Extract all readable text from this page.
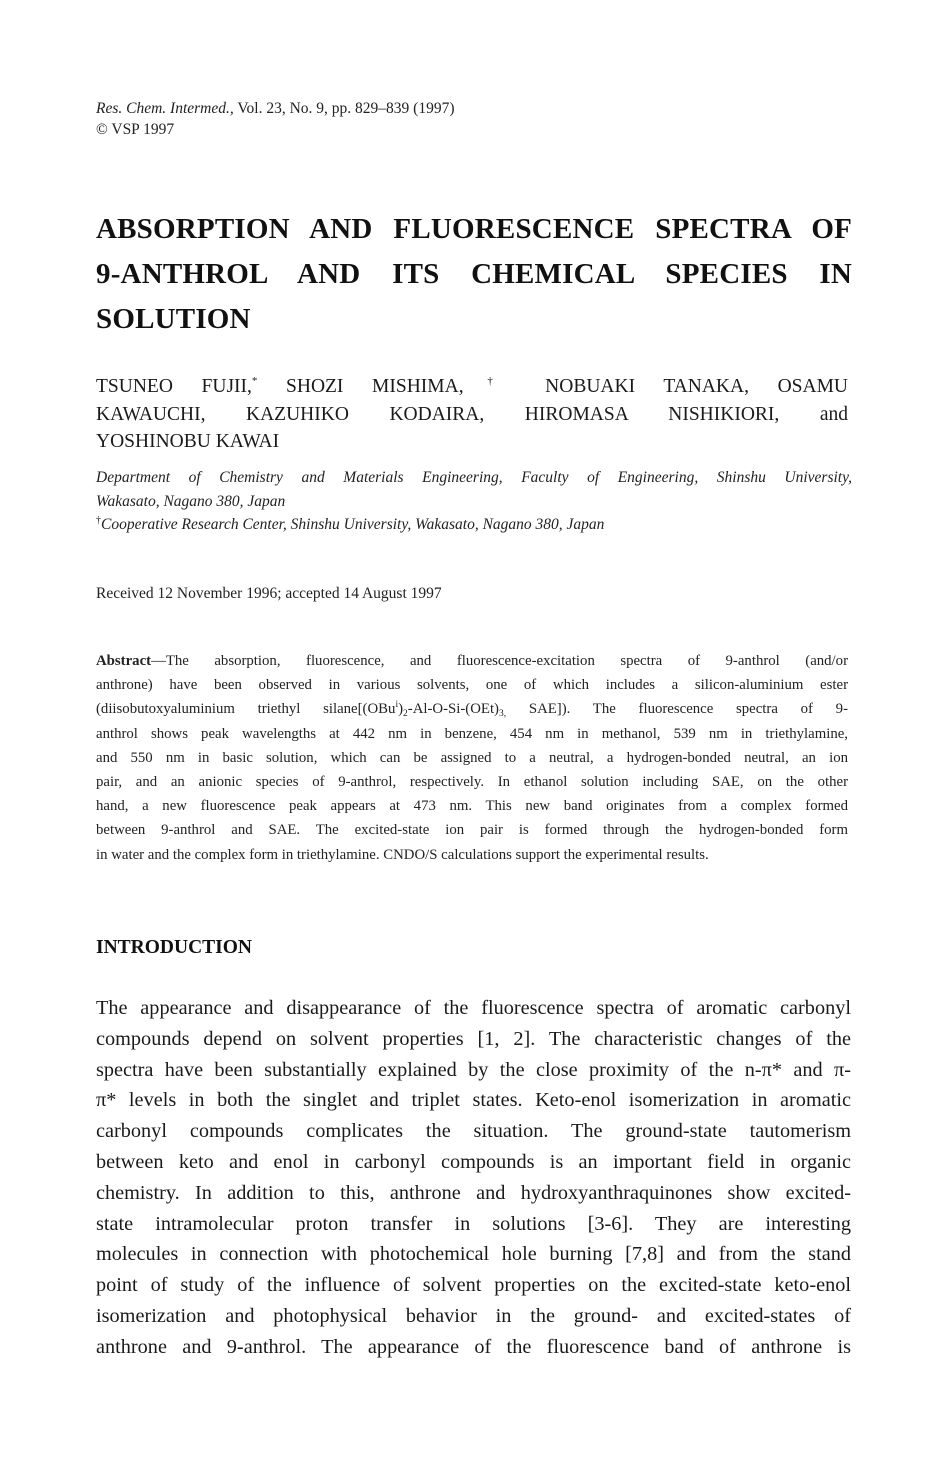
Res. Chem. Intermed., Vol. 23, No. 9, pp. 829–839 (1997)
© VSP 1997
ABSORPTION AND FLUORESCENCE SPECTRA OF
9-ANTHROL AND ITS CHEMICAL SPECIES IN
SOLUTION
TSUNEO FUJII,* SHOZI MISHIMA,† NOBUAKI TANAKA, OSAMU
KAWAUCHI, KAZUHIKO KODAIRA, HIROMASA NISHIKIORI, and
YOSHINOBU KAWAI
Department of Chemistry and Materials Engineering, Faculty of Engineering, Shinshu University,
Wakasato, Nagano 380, Japan
†Cooperative Research Center, Shinshu University, Wakasato, Nagano 380, Japan
Received 12 November 1996; accepted 14 August 1997
Abstract—The absorption, fluorescence, and fluorescence-excitation spectra of 9-anthrol (and/or
anthrone) have been observed in various solvents, one of which includes a silicon-aluminium ester
(diisobutoxyaluminium triethyl $silane[(OBu^i)_2-Al-O-Si-(OEt)_{3,}$ SAE]). The fluorescence spectra of 9-
anthrol shows peak wavelengths at 442 nm in benzene, 454 nm in methanol, 539 nm in triethylamine,
and 550 nm in basic solution, which can be assigned to a neutral, a hydrogen-bonded neutral, an ion
pair, and an anionic species of 9-anthrol, respectively. In ethanol solution including SAE, on the other
hand, a new fluorescence peak appears at 473 nm. This new band originates from a complex formed
between 9-anthrol and SAE. The excited-state ion pair is formed through the hydrogen-bonded form
in water and the complex form in triethylamine. CNDO/S calculations support the experimental results.
INTRODUCTION
The appearance and disappearance of the fluorescence spectra of aromatic carbonyl
compounds depend on solvent properties [1, 2]. The characteristic changes of the
spectra have been substantially explained by the close proximity of the n-π* and π-
π* levels in both the singlet and triplet states. Keto-enol isomerization in aromatic
carbonyl compounds complicates the situation. The ground-state tautomerism
between keto and enol in carbonyl compounds is an important field in organic
chemistry. In addition to this, anthrone and hydroxyanthraquinones show excited-
state intramolecular proton transfer in solutions [3-6]. They are interesting
molecules in connection with photochemical hole burning [7,8] and from the stand
point of study of the influence of solvent properties on the excited-state keto-enol
isomerization and photophysical behavior in the ground- and excited-states of
anthrone and 9-anthrol. The appearance of the fluorescence band of anthrone is
